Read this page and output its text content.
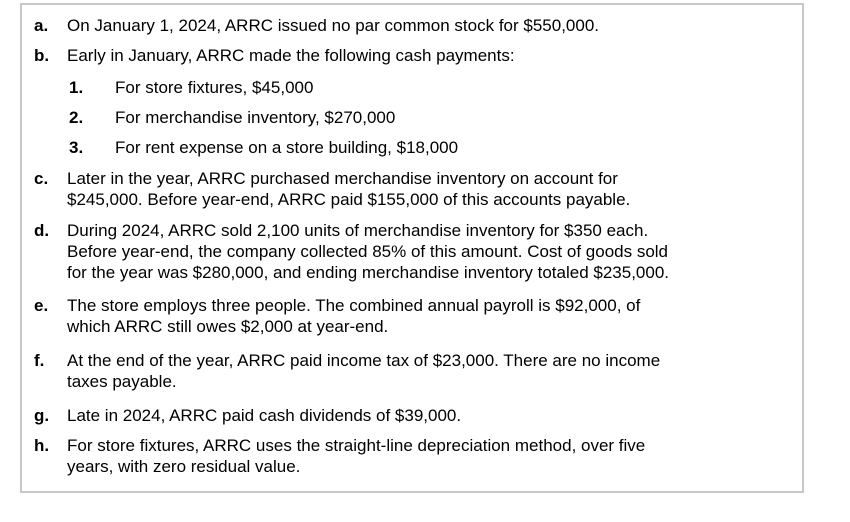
a. On January 1, 2024, ARRC issued no par common stock for $550,000.
b. Early in January, ARRC made the following cash payments:
1. For store fixtures, $45,000
2. For merchandise inventory, $270,000
3. For rent expense on a store building, $18,000
c. Later in the year, ARRC purchased merchandise inventory on account for
$245,000. Before year-end, ARRC paid $155,000 of this accounts payable.
d. During 2024, ARRC sold 2,100 units of merchandise inventory for $350 each.
Before year-end, the company collected 85% of this amount. Cost of goods sold
for the year was $280,000, and ending merchandise inventory totaled $235,000.
e. The store employs three people. The combined annual payroll is $92,000, of
which ARRC still owes $2,000 at year-end.
f. At the end of the year, ARRC paid income tax of $23,000. There are no income
taxes payable.
g. Late in 2024, ARRC paid cash dividends of $39,000.
h. For store fixtures, ARRC uses the straight-line depreciation method, over five
years, with zero residual value.
